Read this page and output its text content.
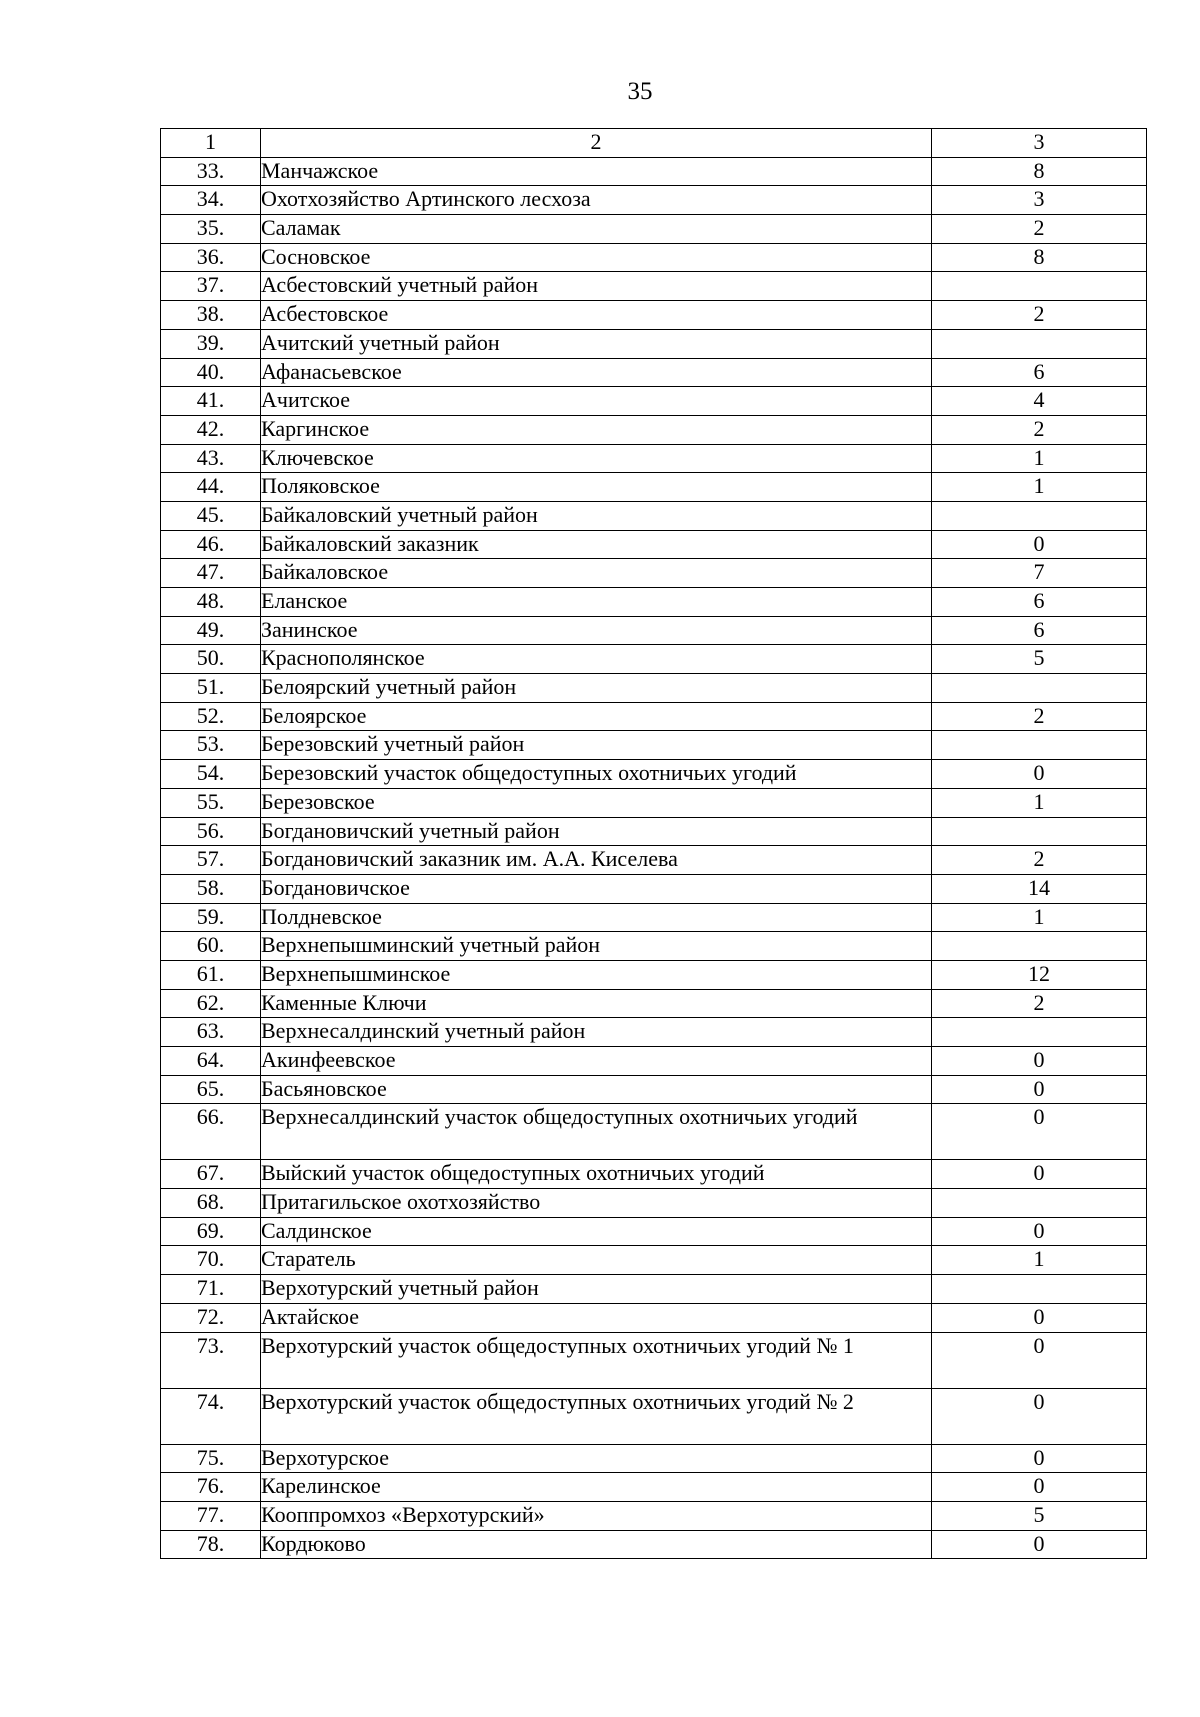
35
1	2	3
33.	Манчажское	8
34.	Охотхозяйство Артинского лесхоза	3
35.	Саламак	2
36.	Сосновское	8
37.	Асбестовский учетный район	
38.	Асбестовское	2
39.	Ачитский учетный район	
40.	Афанасьевское	6
41.	Ачитское	4
42.	Каргинское	2
43.	Ключевское	1
44.	Поляковское	1
45.	Байкаловский учетный район	
46.	Байкаловский заказник	0
47.	Байкаловское	7
48.	Еланское	6
49.	Занинское	6
50.	Краснополянское	5
51.	Белоярский учетный район	
52.	Белоярское	2
53.	Березовский учетный район	
54.	Березовский участок общедоступных охотничьих угодий	0
55.	Березовское	1
56.	Богдановичский учетный район	
57.	Богдановичский заказник им. А.А. Киселева	2
58.	Богдановичское	14
59.	Полдневское	1
60.	Верхнепышминский учетный район	
61.	Верхнепышминское	12
62.	Каменные Ключи	2
63.	Верхнесалдинский учетный район	
64.	Акинфеевское	0
65.	Басьяновское	0
66.	Верхнесалдинский участок общедоступных охотничьих угодий	0
67.	Выйский участок общедоступных охотничьих угодий	0
68.	Притагильское охотхозяйство	
69.	Салдинское	0
70.	Старатель	1
71.	Верхотурский учетный район	
72.	Актайское	0
73.	Верхотурский участок общедоступных охотничьих угодий № 1	0
74.	Верхотурский участок общедоступных охотничьих угодий № 2	0
75.	Верхотурское	0
76.	Карелинское	0
77.	Кооппромхоз «Верхотурский»	5
78.	Кордюково	0
